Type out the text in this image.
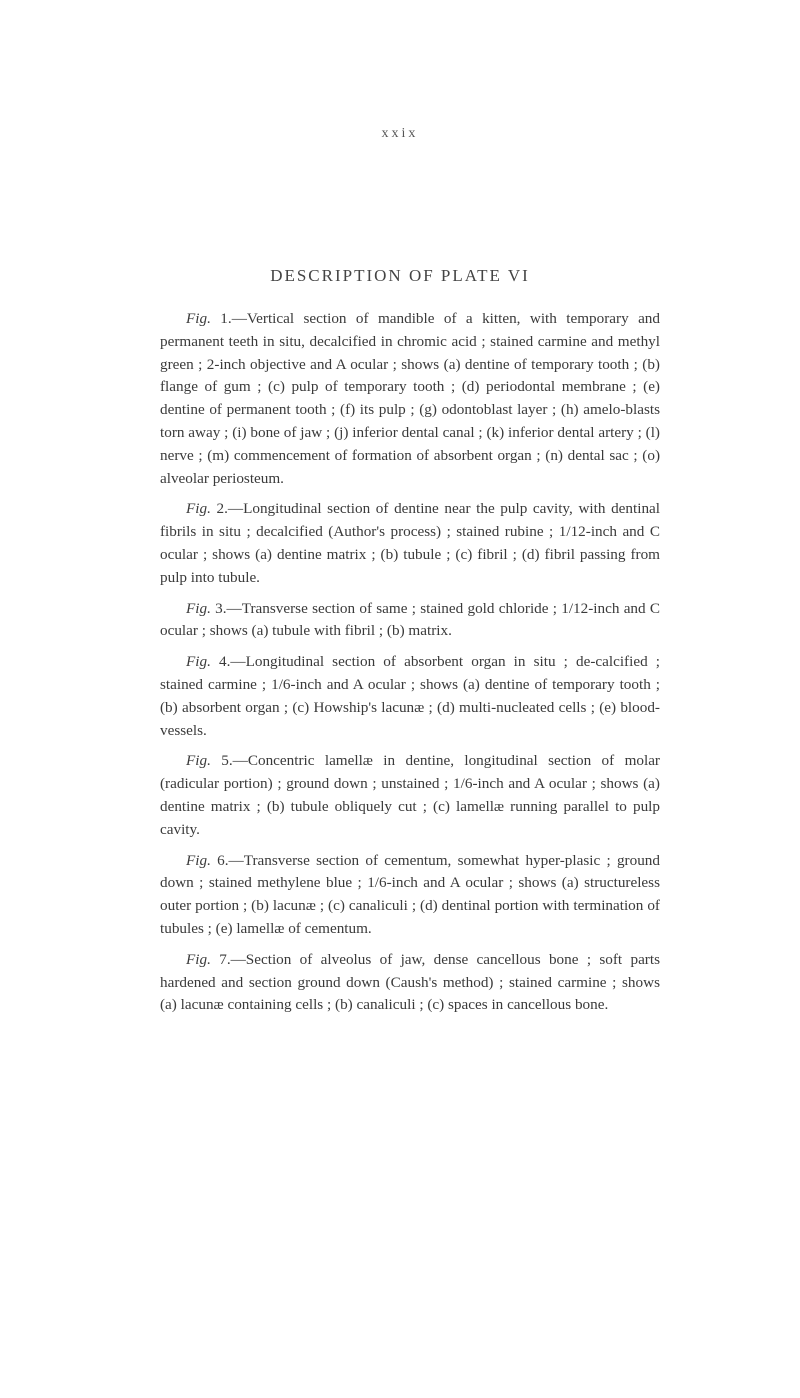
xxix
DESCRIPTION OF PLATE VI

Fig. 1.—Vertical section of mandible of a kitten, with temporary and permanent teeth in situ, decalcified in chromic acid ; stained carmine and methyl green ; 2-inch objective and A ocular ; shows (a) dentine of temporary tooth ; (b) flange of gum ; (c) pulp of temporary tooth ; (d) periodontal membrane ; (e) dentine of permanent tooth ; (f) its pulp ; (g) odontoblast layer ; (h) amelo-blasts torn away ; (i) bone of jaw ; (j) inferior dental canal ; (k) inferior dental artery ; (l) nerve ; (m) commencement of formation of absorbent organ ; (n) dental sac ; (o) alveolar periosteum.

Fig. 2.—Longitudinal section of dentine near the pulp cavity, with dentinal fibrils in situ ; decalcified (Author's process) ; stained rubine ; 1/12-inch and C ocular ; shows (a) dentine matrix ; (b) tubule ; (c) fibril ; (d) fibril passing from pulp into tubule.

Fig. 3.—Transverse section of same ; stained gold chloride ; 1/12-inch and C ocular ; shows (a) tubule with fibril ; (b) matrix.

Fig. 4.—Longitudinal section of absorbent organ in situ ; de-calcified ; stained carmine ; 1/6-inch and A ocular ; shows (a) dentine of temporary tooth ; (b) absorbent organ ; (c) Howship's lacunæ ; (d) multi-nucleated cells ; (e) blood-vessels.

Fig. 5.—Concentric lamellæ in dentine, longitudinal section of molar (radicular portion) ; ground down ; unstained ; 1/6-inch and A ocular ; shows (a) dentine matrix ; (b) tubule obliquely cut ; (c) lamellæ running parallel to pulp cavity.

Fig. 6.—Transverse section of cementum, somewhat hyper-plasic ; ground down ; stained methylene blue ; 1/6-inch and A ocular ; shows (a) structureless outer portion ; (b) lacunæ ; (c) canaliculi ; (d) dentinal portion with termination of tubules ; (e) lamellæ of cementum.

Fig. 7.—Section of alveolus of jaw, dense cancellous bone ; soft parts hardened and section ground down (Caush's method) ; stained carmine ; shows (a) lacunæ containing cells ; (b) canaliculi ; (c) spaces in cancellous bone.
